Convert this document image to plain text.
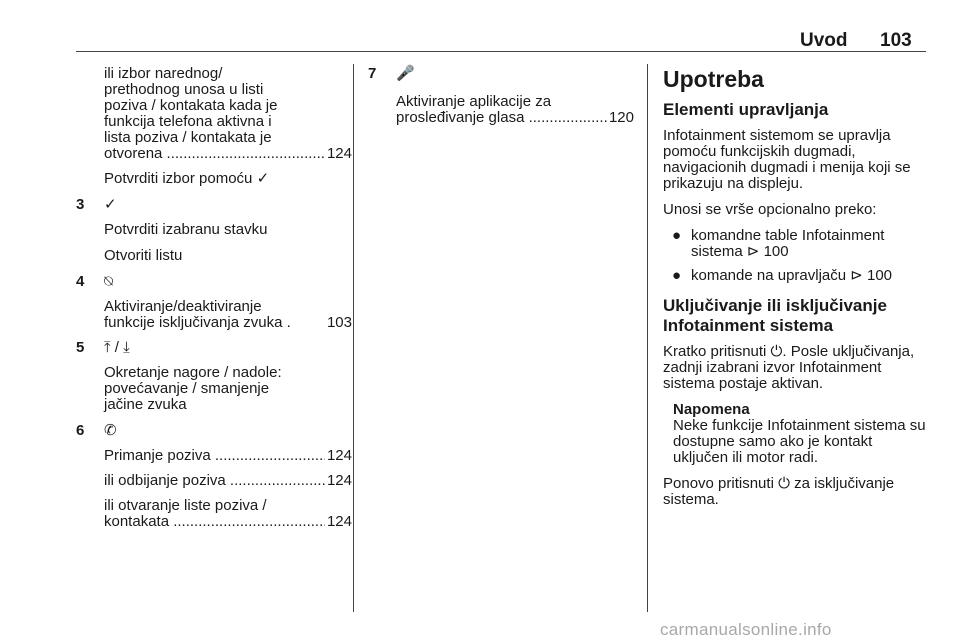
Uvod 103
ili izbor narednog/
prethodnog unosa u listi
poziva / kontakata kada je
funkcija telefona aktivna i
lista poziva / kontakata je
otvorena .....	124

Potvrditi izbor pomoću ✓

3 ✓

Potvrditi izabranu stavku

Otvoriti listu

4 ⍉
Aktiviranje/deaktiviranje
funkcije isključivanja zvuka .	103
5 ⤒ / ⤓
Okretanje nagore / nadole:
povećavanje / smanjenje

jačine zvuka

6 ✆
Primanje poziva .....	124
ili odbijanje poziva .....	124
ili otvaranje liste poziva /
kontakata .....	124
7 🎤
Aktiviranje aplikacije za
prosleđivanje glasa .....	120
Upotreba
Elementi upravljanja

Infotainment sistemom se upravlja pomoću funkcijskih dugmadi, navigacionih dugmadi i menija koji se prikazuju na displeju.

Unosi se vrše opcionalno preko:

● komandne table Infotainment sistema ⊳ 100
● komande na upravljaču ⊳ 100
Uključivanje ili isključivanje Infotainment sistema

Kratko pritisnuti ⏻. Posle uključivanja, zadnji izabrani izvor Infotainment sistema postaje aktivan.

Napomena
Neke funkcije Infotainment sistema su dostupne samo ako je kontakt uključen ili motor radi.

Ponovo pritisnuti ⏻ za isključivanje sistema.

carmanualsonline.info
